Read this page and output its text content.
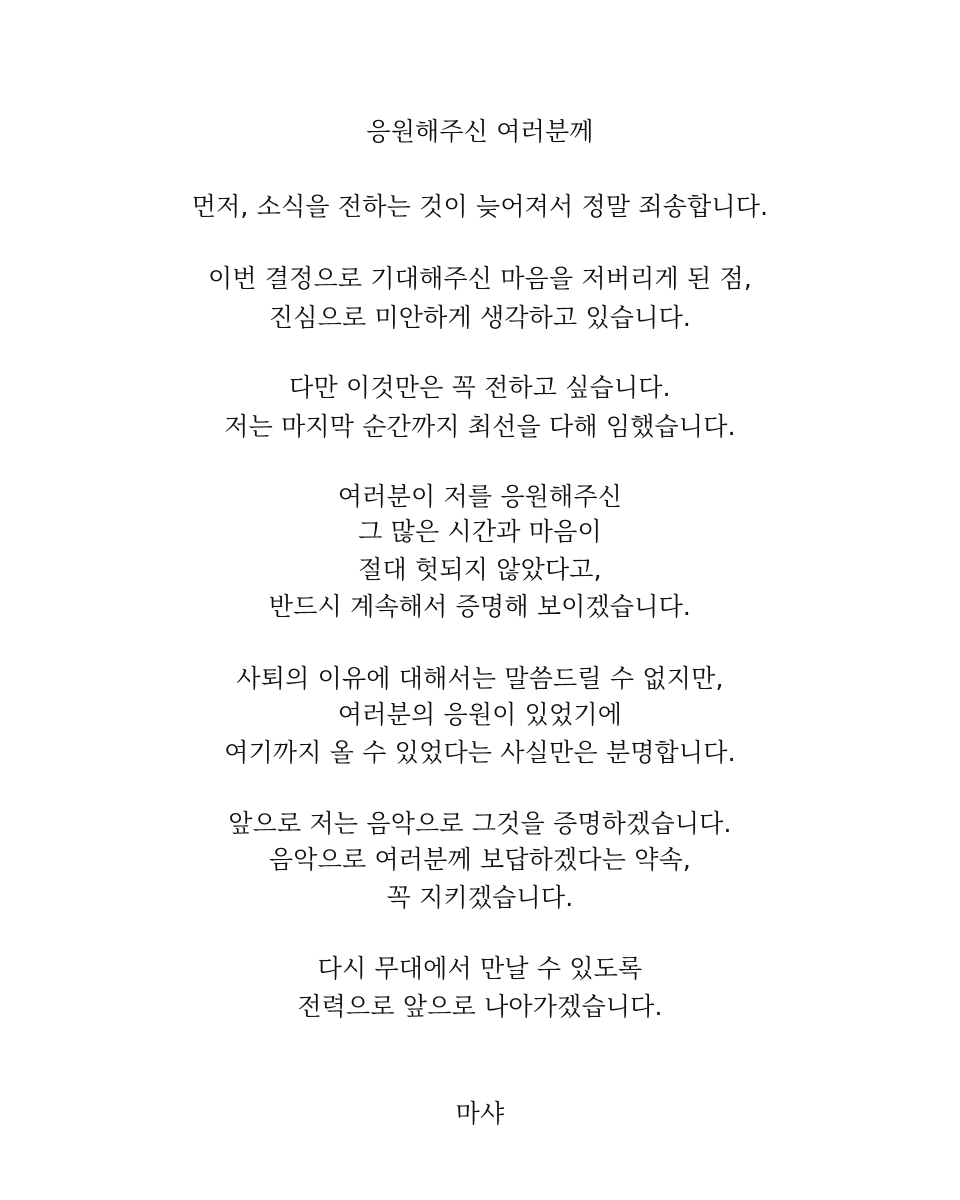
응원해주신 여러분께
먼저, 소식을 전하는 것이 늦어져서 정말 죄송합니다.
이번 결정으로 기대해주신 마음을 저버리게 된 점,
진심으로 미안하게 생각하고 있습니다.
다만 이것만은 꼭 전하고 싶습니다.
저는 마지막 순간까지 최선을 다해 임했습니다.
여러분이 저를 응원해주신
그 많은 시간과 마음이
절대 헛되지 않았다고,
반드시 계속해서 증명해 보이겠습니다.
사퇴의 이유에 대해서는 말씀드릴 수 없지만,
여러분의 응원이 있었기에
여기까지 올 수 있었다는 사실만은 분명합니다.
앞으로 저는 음악으로 그것을 증명하겠습니다.
음악으로 여러분께 보답하겠다는 약속,
꼭 지키겠습니다.
다시 무대에서 만날 수 있도록
전력으로 앞으로 나아가겠습니다.
마샤
